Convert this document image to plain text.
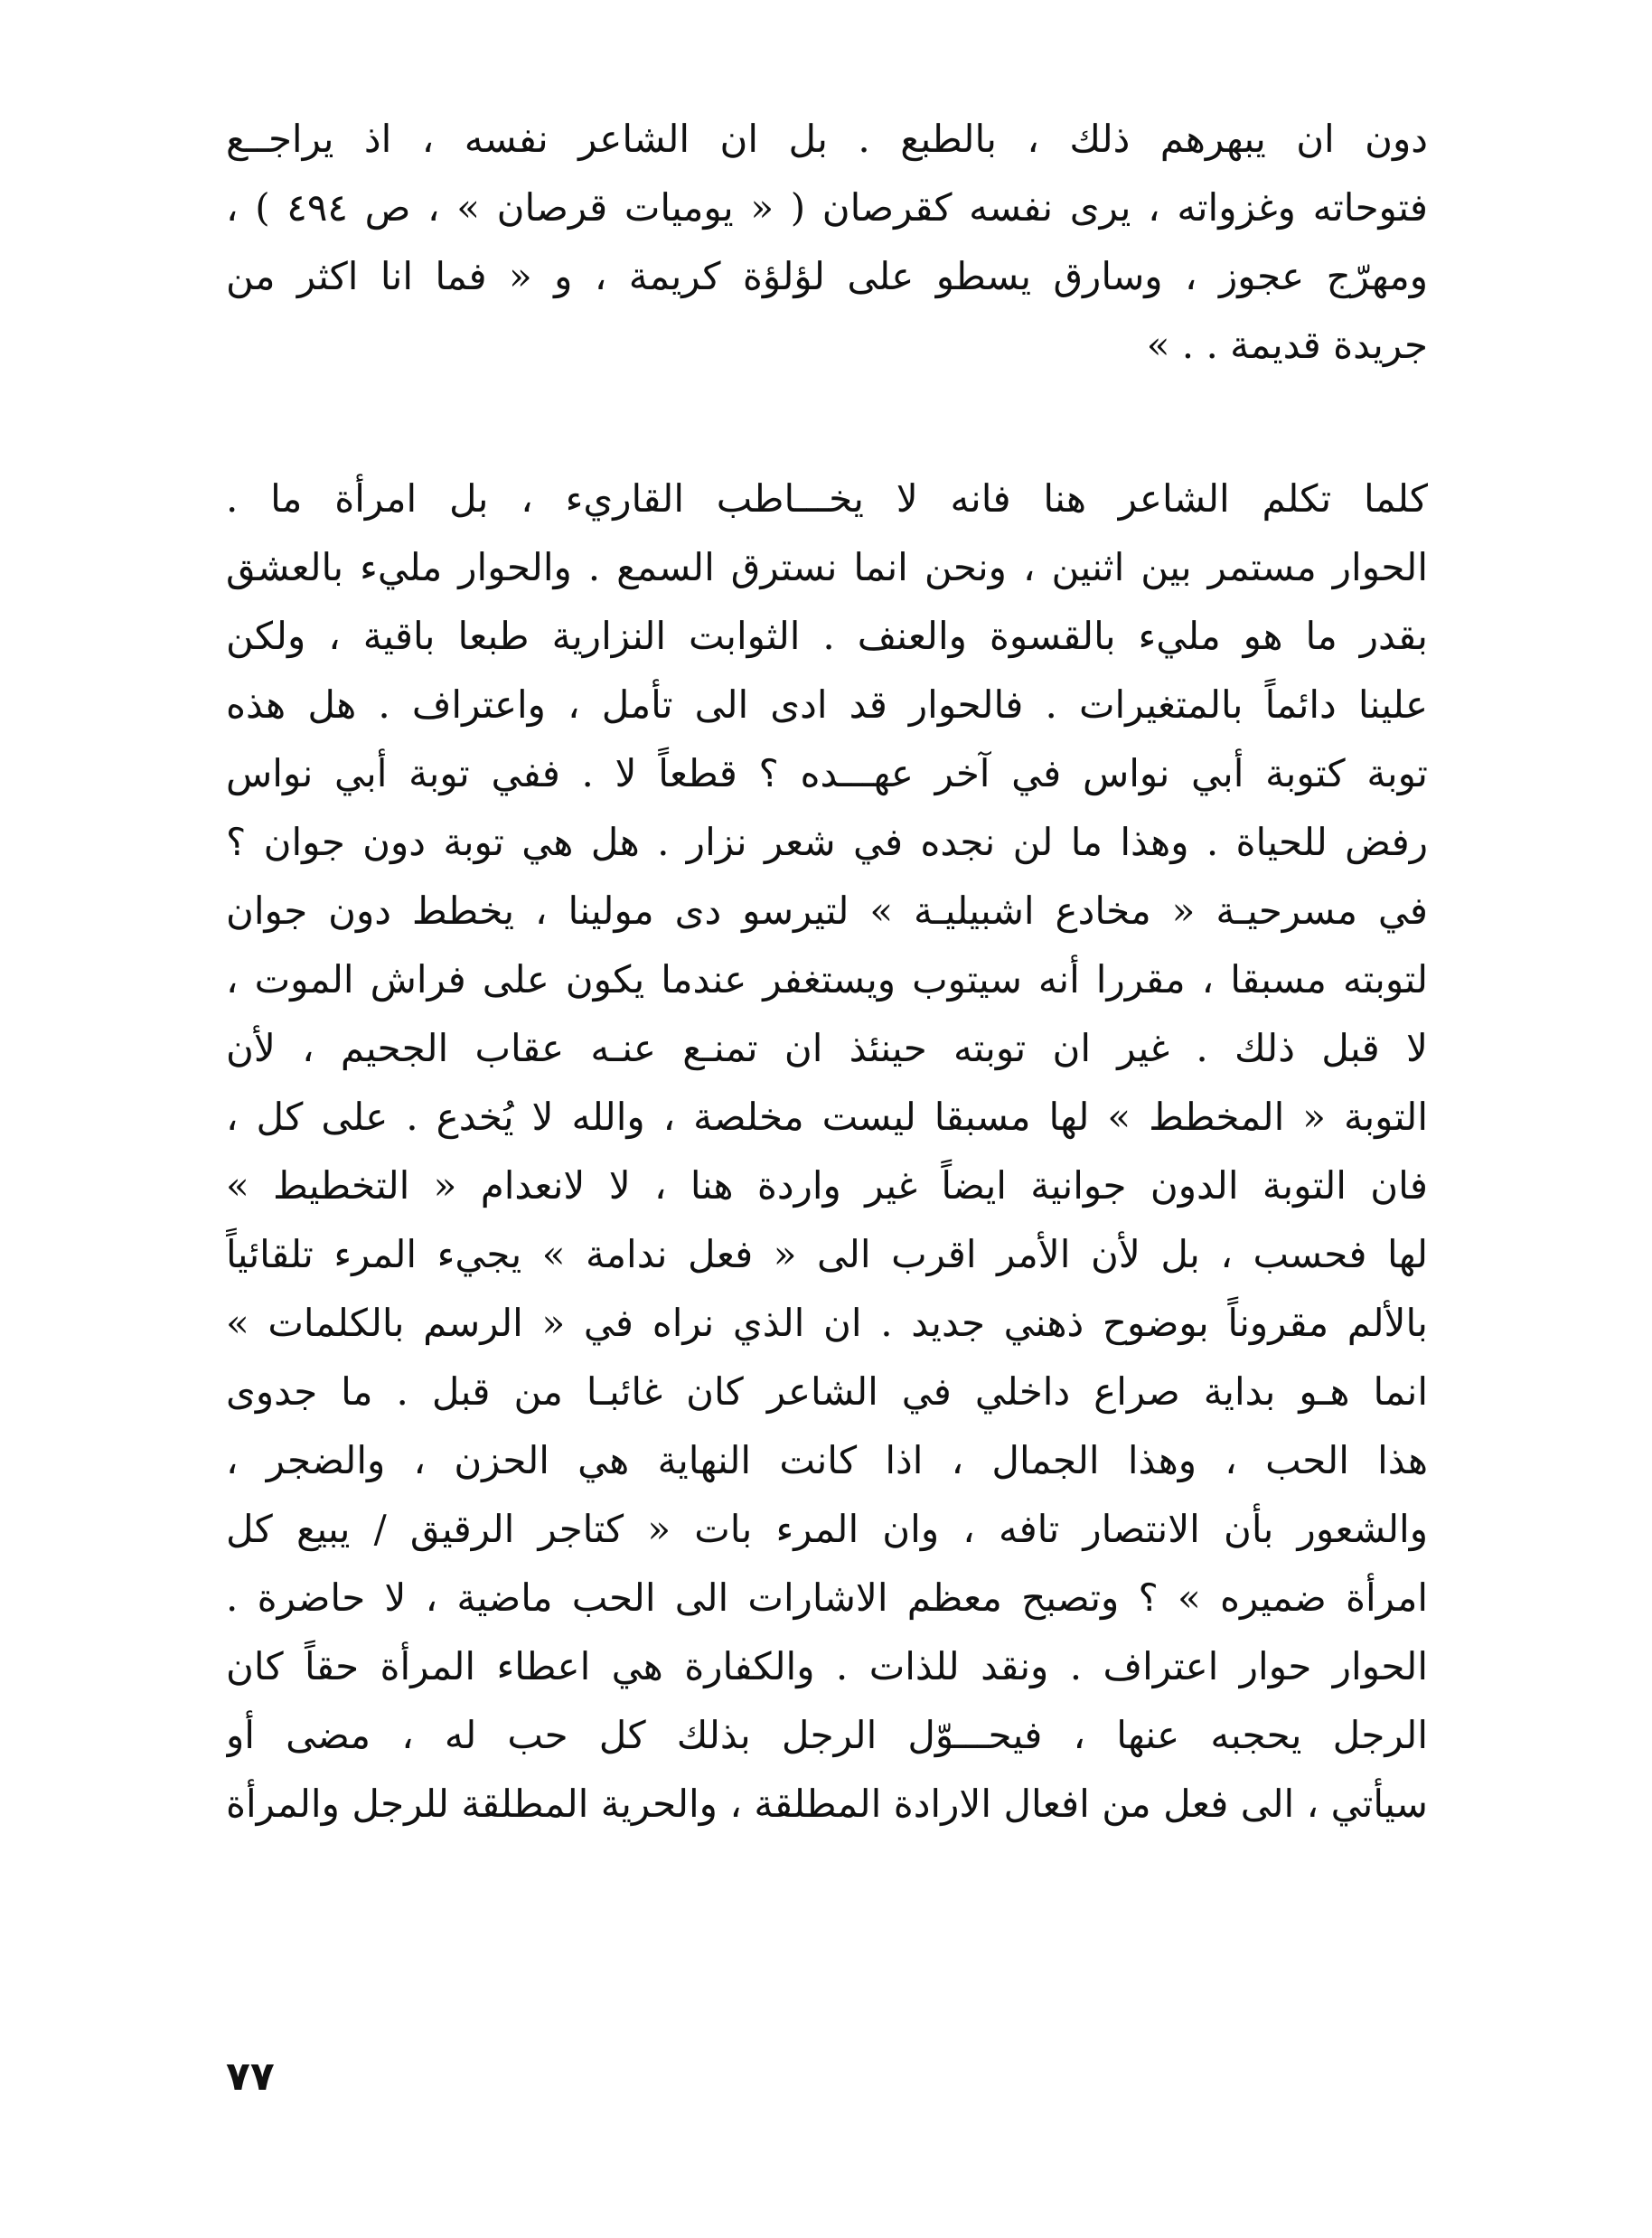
دون ان يبهرهم ذلك ، بالطبع . بل ان الشاعر نفسه ، اذ يراجــع
فتوحاته وغزواته ، يرى نفسه كقرصان ( « يوميات قرصان » ، ص ٤٩٤ ) ،
ومهرّج عجوز ، وسارق يسطو على لؤلؤة كريمة ، و « فما انا اكثر من
جريدة قديمة . . »

كلما تكلم الشاعر هنا فانه لا يخـــاطب القاريء ، بل امرأة ما .
الحوار مستمر بين اثنين ، ونحن انما نسترق السمع . والحوار مليء بالعشق
بقدر ما هو مليء بالقسوة والعنف . الثوابت النزارية طبعا باقية ، ولكن
علينا دائماً بالمتغيرات . فالحوار قد ادى الى تأمل ، واعتراف . هل هذه
توبة كتوبة أبي نواس في آخر عهـــده ؟ قطعاً لا . ففي توبة أبي نواس
رفض للحياة . وهذا ما لن نجده في شعر نزار . هل هي توبة دون جوان ؟
في مسرحيـة « مخادع اشبيليـة » لتيرسو دى مولينا ، يخطط دون جوان
لتوبته مسبقا ، مقررا أنه سيتوب ويستغفر عندما يكون على فراش الموت ،
لا قبل ذلك . غير ان توبته حينئذ ان تمنـع عنـه عقاب الجحيم ، لأن
التوبة « المخطط » لها مسبقا ليست مخلصة ، والله لا يُخدع . على كل ،
فان التوبة الدون جوانية ايضاً غير واردة هنا ، لا لانعدام « التخطيط »
لها فحسب ، بل لأن الأمر اقرب الى « فعل ندامة » يجيء المرء تلقائياً
بالألم مقروناً بوضوح ذهني جديد . ان الذي نراه في « الرسم بالكلمات »
انما هـو بداية صراع داخلي في الشاعر كان غائبـا من قبل . ما جدوى
هذا الحب ، وهذا الجمال ، اذا كانت النهاية هي الحزن ، والضجر ،
والشعور بأن الانتصار تافه ، وان المرء بات « كتاجر الرقيق / يبيع كل
امرأة ضميره » ؟ وتصبح معظم الاشارات الى الحب ماضية ، لا حاضرة .
الحوار حوار اعتراف . ونقد للذات . والكفارة هي اعطاء المرأة حقاً كان
الرجل يحجبه عنها ، فيحـــوّل الرجل بذلك كل حب له ، مضى أو
سيأتي ، الى فعل من افعال الارادة المطلقة ، والحرية المطلقة للرجل والمرأة

٧٧
